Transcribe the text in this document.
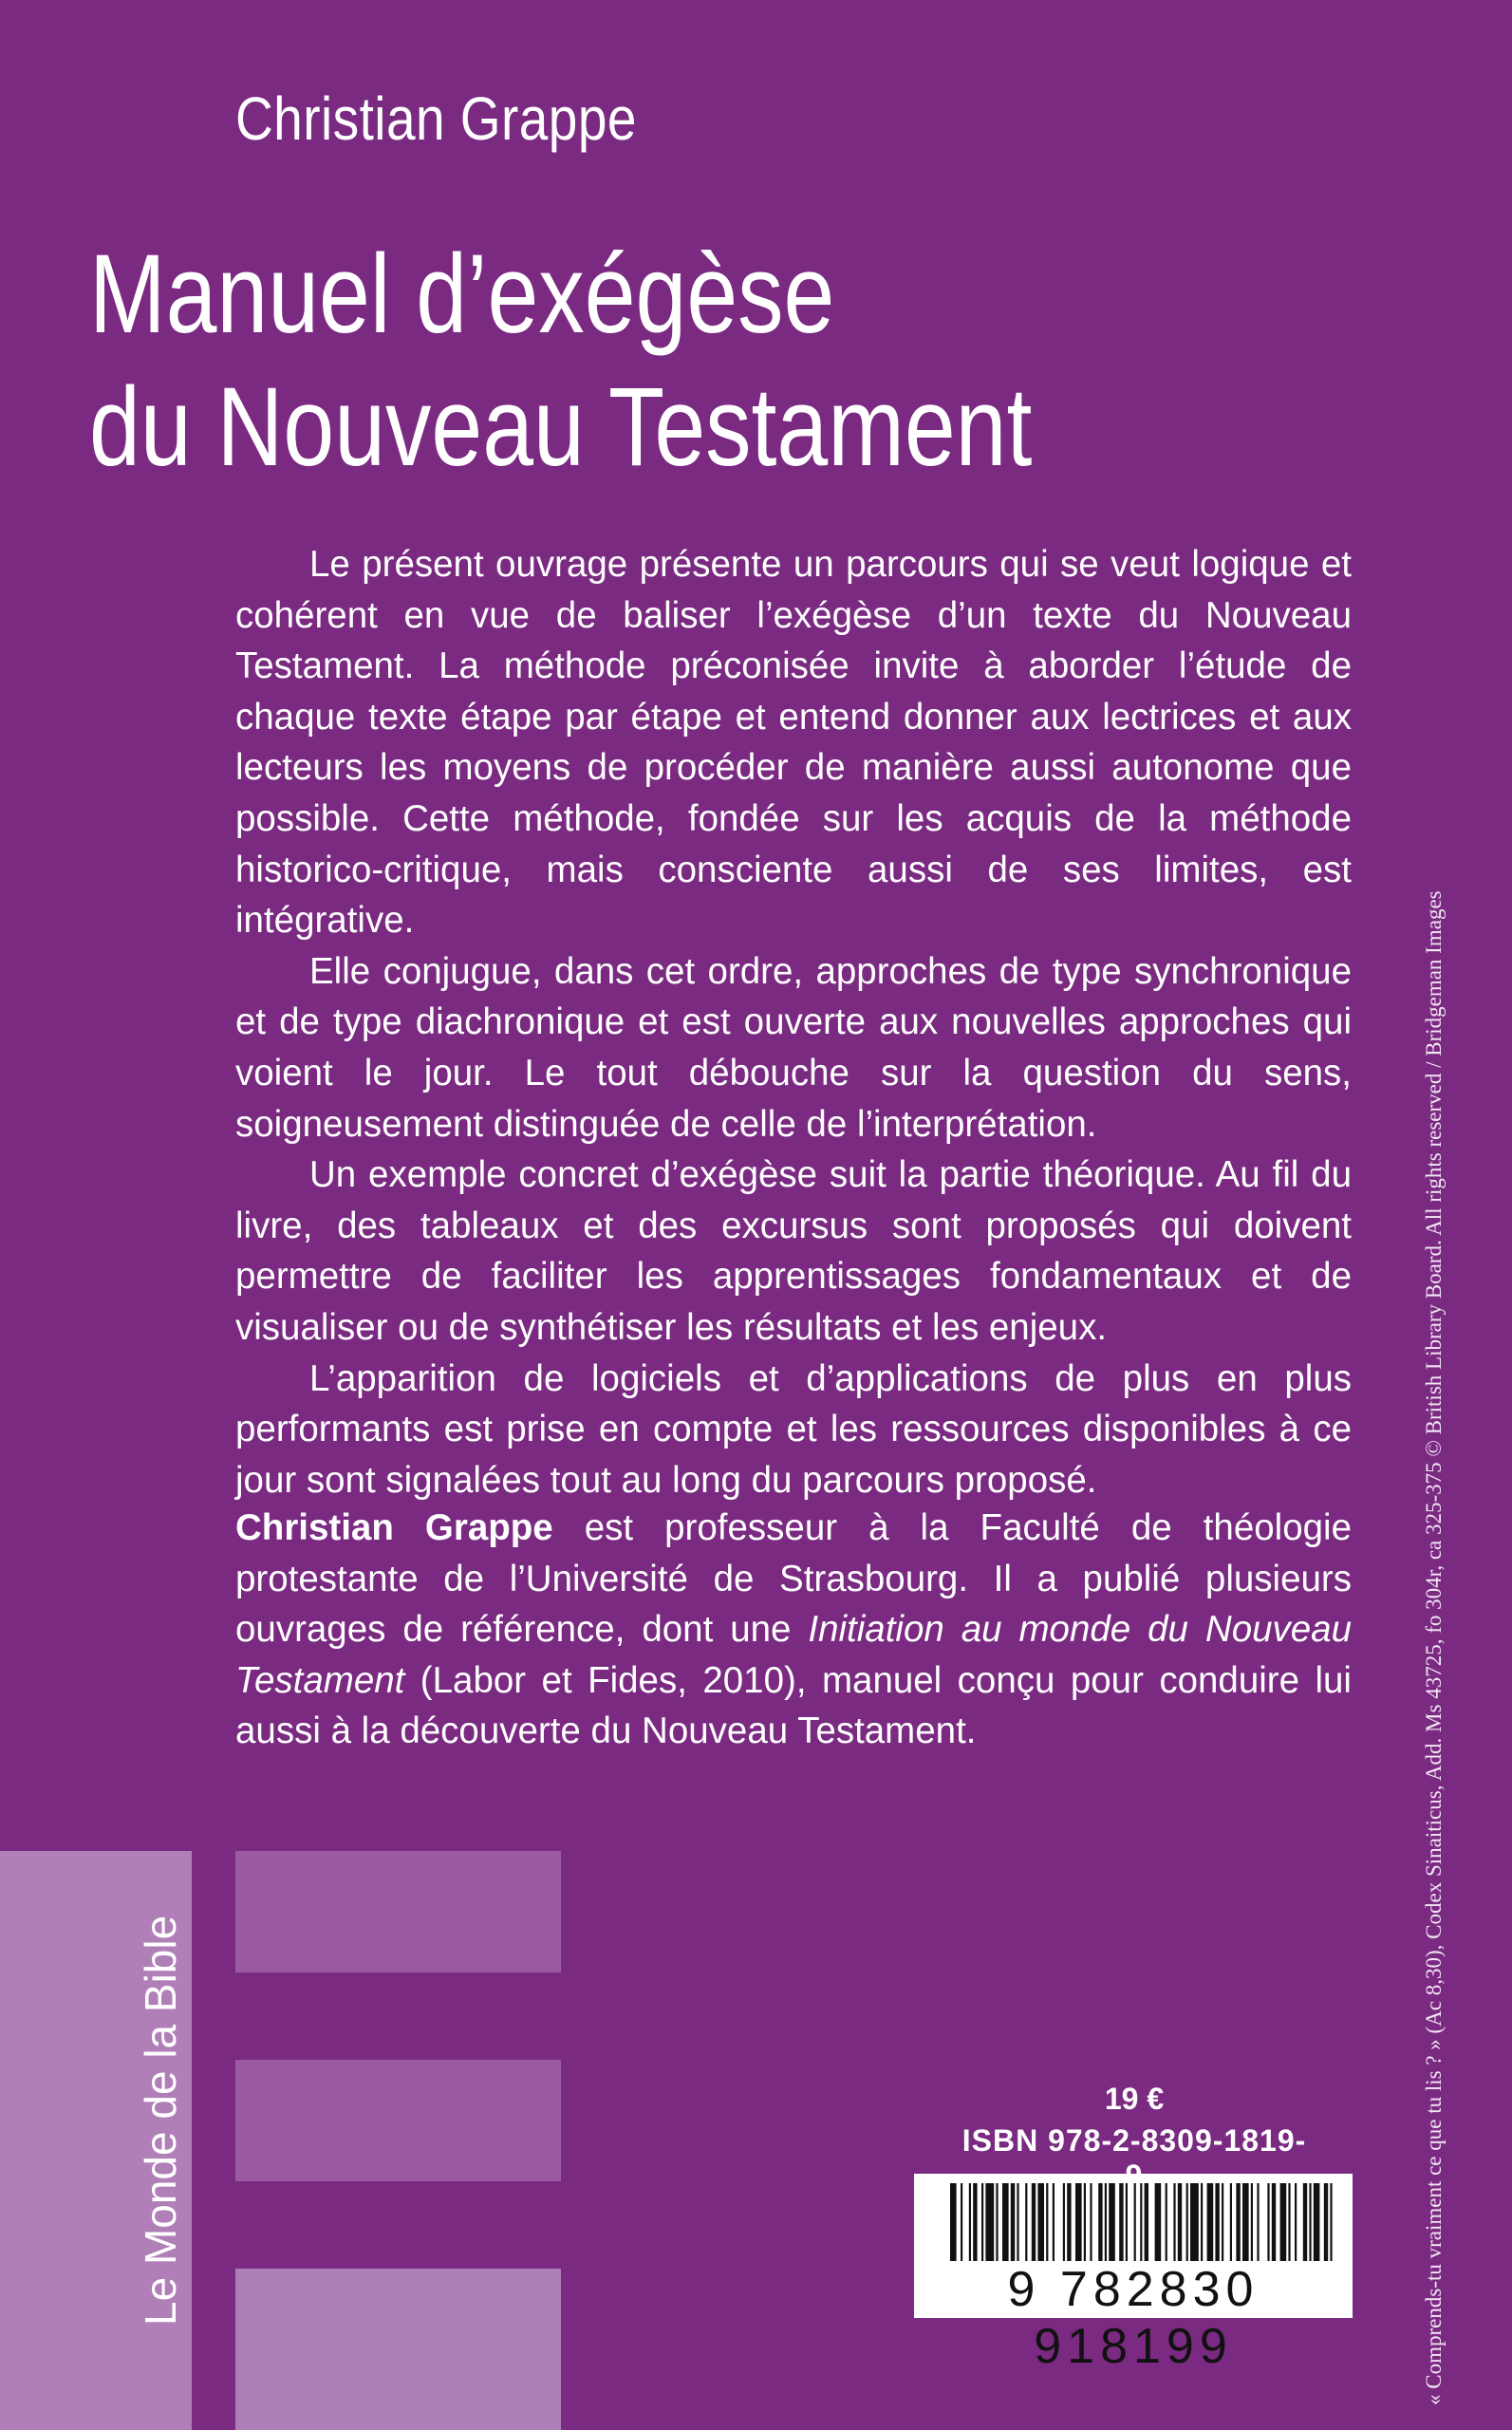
Christian Grappe
Manuel d’exégèse
du Nouveau Testament

Le présent ouvrage présente un parcours qui se veut logique et cohérent en vue de baliser l’exégèse d’un texte du Nouveau Testament. La méthode préconisée invite à aborder l’étude de chaque texte étape par étape et entend donner aux lectrices et aux lecteurs les moyens de procéder de manière aussi autonome que possible. Cette méthode, fondée sur les acquis de la méthode historico-critique, mais consciente aussi de ses limites, est intégrative.

Elle conjugue, dans cet ordre, approches de type synchronique et de type diachronique et est ouverte aux nouvelles approches qui voient le jour. Le tout débouche sur la question du sens, soigneusement distinguée de celle de l’interprétation.

Un exemple concret d’exégèse suit la partie théorique. Au fil du livre, des tableaux et des excursus sont proposés qui doivent permettre de faciliter les apprentissages fondamentaux et de visualiser ou de synthétiser les résultats et les enjeux.

L’apparition de logiciels et d’applications de plus en plus performants est prise en compte et les ressources disponibles à ce jour sont signalées tout au long du parcours proposé.

Christian Grappe est professeur à la Faculté de théologie protestante de l’Université de Strasbourg. Il a publié plusieurs ouvrages de référence, dont une Initiation au monde du Nouveau Testament (Labor et Fides, 2010), manuel conçu pour conduire lui aussi à la découverte du Nouveau Testament.	« Comprends-tu vraiment ce que tu lis ? » (Ac 8,30), Codex Sinaiticus, Add. Ms 43725, fo 304r, ca 325-375 © British Library Board. All rights reserved / Bridgeman Images
Le Monde de la Bible	19 €
ISBN 978-2-8309-1819-
9 782830 918199
